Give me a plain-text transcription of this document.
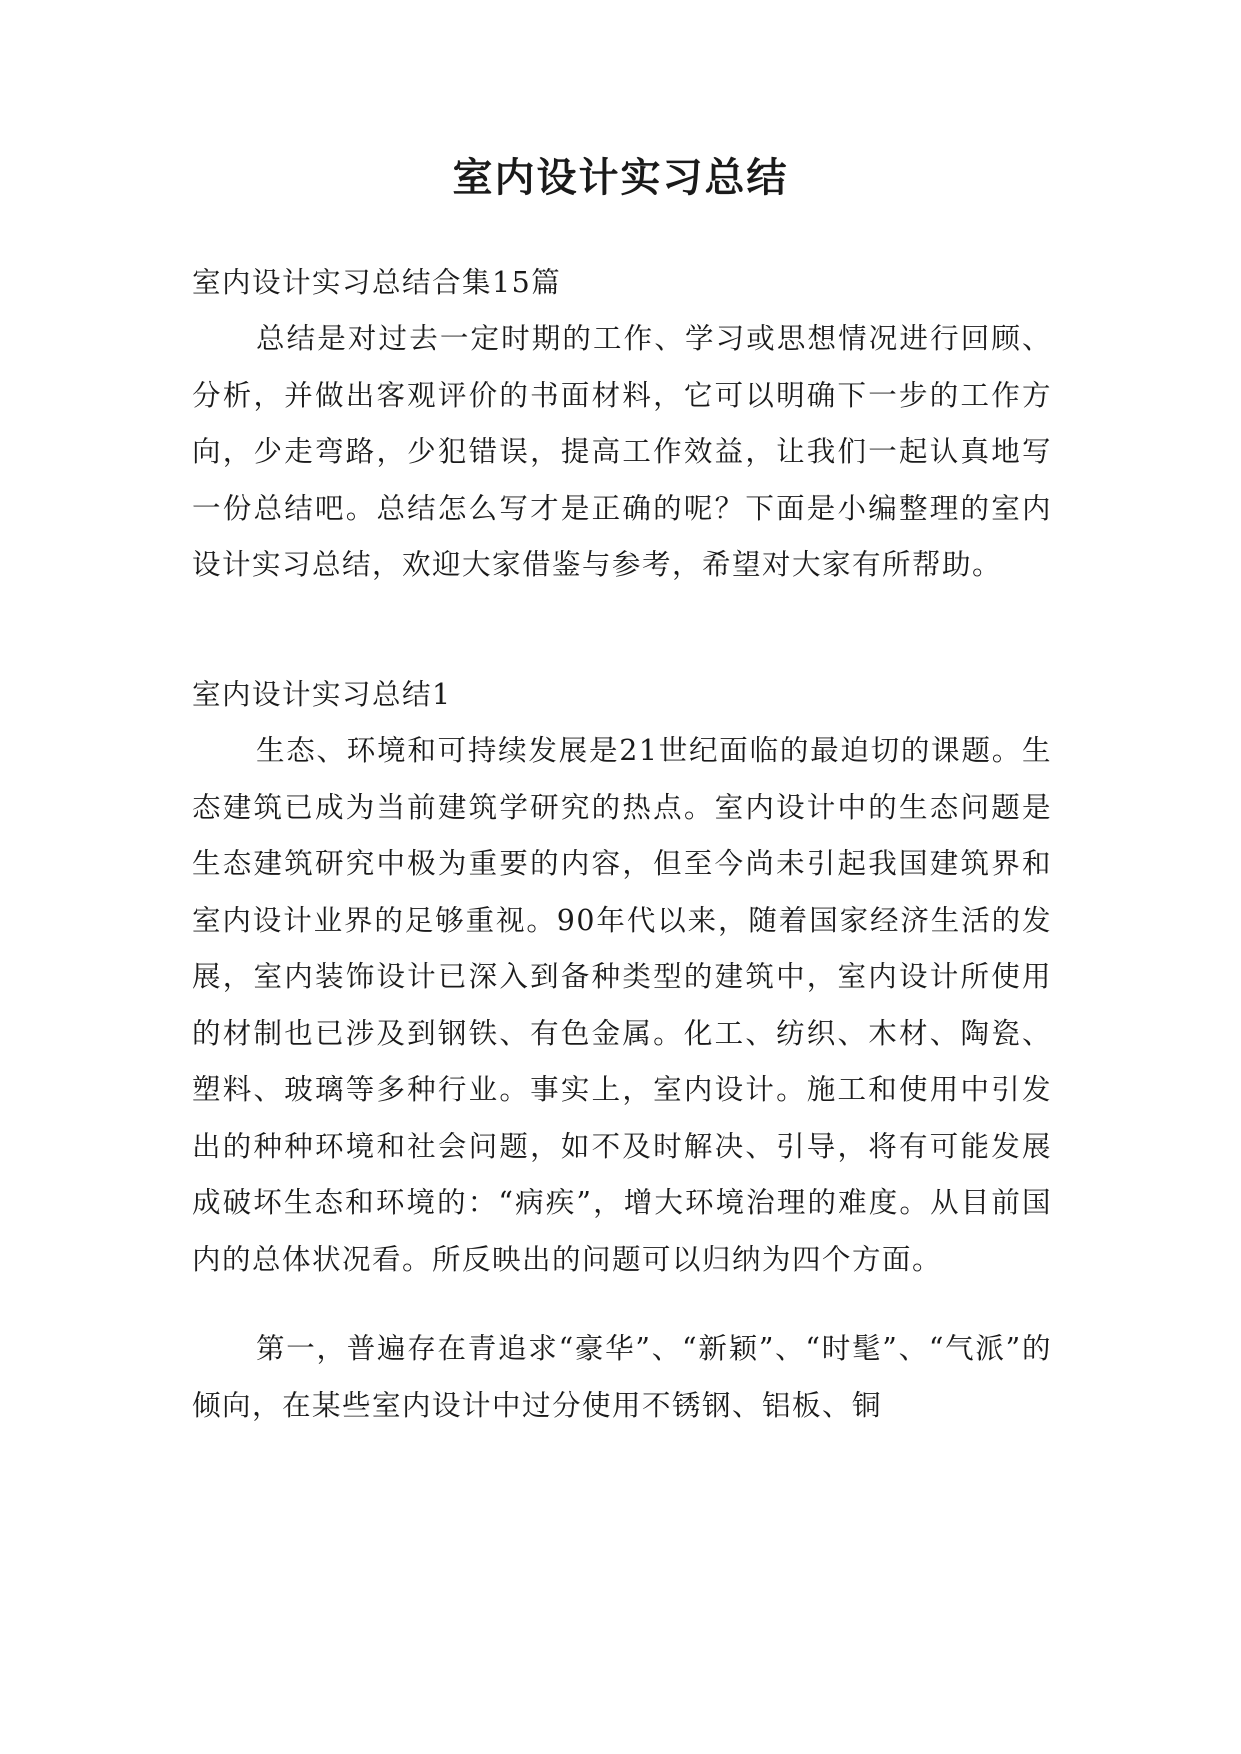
室内设计实习总结

室内设计实习总结合集15篇

总结是对过去一定时期的工作、学习或思想情况进行回顾、分析，并做出客观评价的书面材料，它可以明确下一步的工作方向，少走弯路，少犯错误，提高工作效益，让我们一起认真地写一份总结吧。总结怎么写才是正确的呢？下面是小编整理的室内设计实习总结，欢迎大家借鉴与参考，希望对大家有所帮助。

室内设计实习总结1

生态、环境和可持续发展是21世纪面临的最迫切的课题。生态建筑已成为当前建筑学研究的热点。室内设计中的生态问题是生态建筑研究中极为重要的内容，但至今尚未引起我国建筑界和室内设计业界的足够重视。90年代以来，随着国家经济生活的发展，室内装饰设计已深入到备种类型的建筑中，室内设计所使用的材制也已涉及到钢铁、有色金属。化工、纺织、木材、陶瓷、塑料、玻璃等多种行业。事实上，室内设计。施工和使用中引发出的种种环境和社会问题，如不及时解决、引导，将有可能发展成破坏生态和环境的：“病疾”，增大环境治理的难度。从目前国内的总体状况看。所反映出的问题可以归纳为四个方面。

第一，普遍存在青追求“豪华”、“新颖”、“时髦”、“气派”的倾向，在某些室内设计中过分使用不锈钢、铝板、铜
